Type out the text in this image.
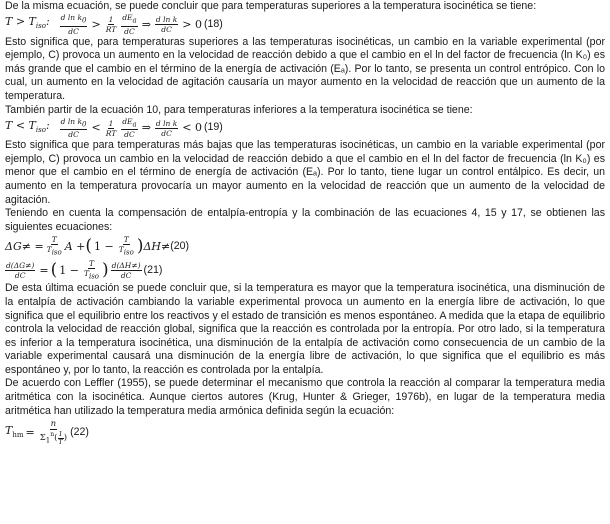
De la misma ecuación, se puede concluir que para temperaturas superiores a la temperatura isocinética se tiene:

$T > T_{iso}$: $\frac{d \ln k_0}{dC} > \frac{1}{RT} \frac{dE_a}{dC}$ ⇒ $\frac{\text{d ln k}}{dC} > 0$ (18)

Esto significa que, para temperaturas superiores a las temperaturas isocinéticas, un cambio en la variable experimental (por ejemplo, C) provoca un aumento en la velocidad de reacción debido a que el cambio en el ln del factor de frecuencia (ln K₀) es más grande que el cambio en el término de la energía de activación (Eₐ). Por lo tanto, se presenta un control entrópico. Con lo cual, un aumento en la velocidad de agitación causaría un mayor aumento en la velocidad de reacción que un aumento de la temperatura.

También partir de la ecuación 10, para temperaturas inferiores a la temperatura isocinética se tiene:

$T < T_{iso}$: $\frac{d \ln k_0}{dC} < \frac{1}{RT} \frac{dE_a}{dC}$ ⇒ $\frac{\text{d ln k}}{dC} < 0$ (19)

Esto significa que para temperaturas más bajas que las temperaturas isocinéticas, un cambio en la variable experimental (por ejemplo, C) provoca un cambio en la velocidad de reacción debido a que el cambio en el ln del factor de frecuencia (ln K₀) es menor que el cambio en el término de energía de activación (Eₐ). Por lo tanto, tiene lugar un control entálpico. Es decir, un aumento en la temperatura provocaría un mayor aumento en la velocidad de reacción que un aumento de la velocidad de agitación.

Teniendo en cuenta la compensación de entalpía-entropía y la combinación de las ecuaciones 4, 15 y 17, se obtienen las siguientes ecuaciones:

$\Delta G\ne = \frac{T}{T_{iso}}$ A + ( $1 - \frac{T}{T_{iso}}$ ) ΔH≠ (20)
$\frac{d(\Delta G\ne)}{dC}$ = ( $1 - \frac{T}{T_{iso}}$ ) $\frac{d(\Delta H\ne)}{dC} (21)$

De esta última ecuación se puede concluir que, si la temperatura es mayor que la temperatura isocinética, una disminución de la entalpía de activación cambiando la variable experimental provoca un aumento en la energía libre de activación, lo que significa que el equilibrio entre los reactivos y el estado de transición es menos espontáneo. A medida que la etapa de equilibrio controla la velocidad de reacción global, significa que la reacción es controlada por la entropía. Por otro lado, si la temperatura es inferior a la temperatura isocinética, una disminución de la entalpía de activación como consecuencia de un cambio de la variable experimental causará una disminución de la energía libre de activación, lo que significa que el equilibrio es más espontáneo y, por lo tanto, la reacción es controlada por la entalpía.

De acuerdo con Leffler (1955), se puede determinar el mecanismo que controla la reacción al comparar la temperatura media aritmética con la isocinética. Aunque ciertos autores (Krug, Hunter & Grieger, 1976b), en lugar de la temperatura media aritmética han utilizado la temperatura media armónica definida según la ecuación:

$T_{hm}$ =
n
$\Sigma_1^n$ ( $\frac{1}{T}$ ) (22)
